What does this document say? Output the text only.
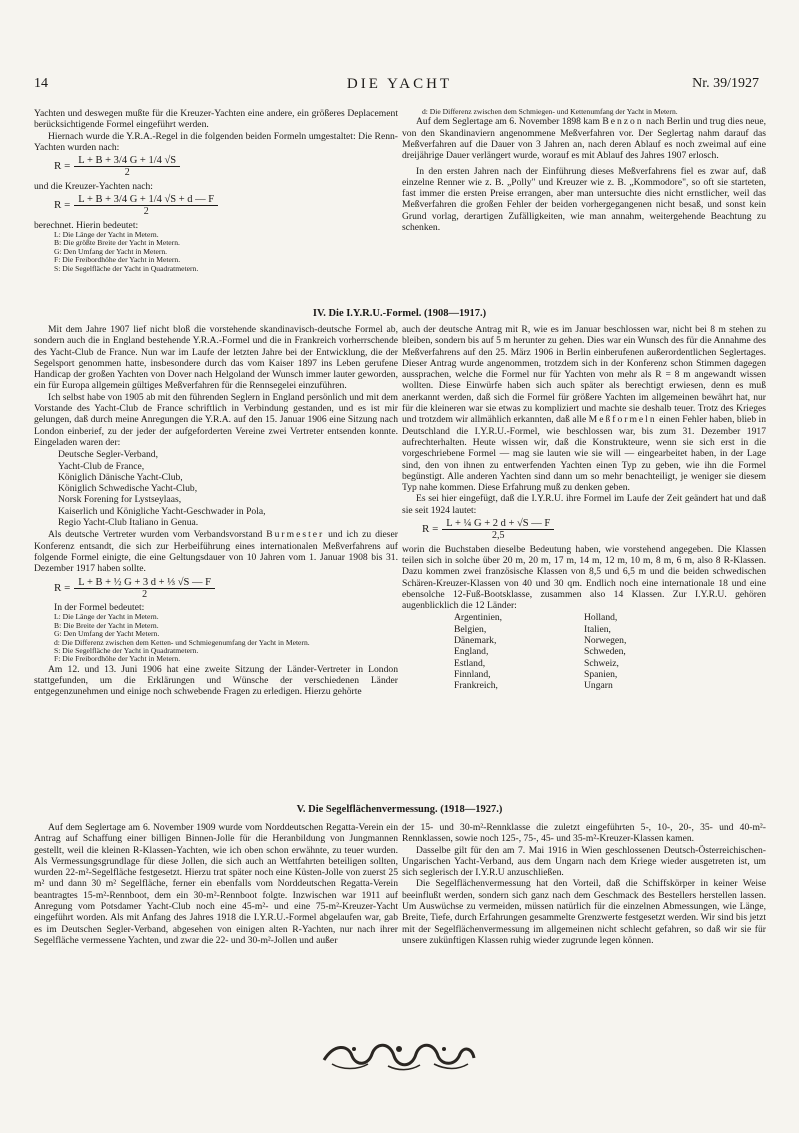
14	DIE YACHT	Nr. 39/1927

Yachten und deswegen mußte für die Kreuzer-Yachten eine andere, ein größeres Deplacement berücksichtigende Formel eingeführt werden.

Hiernach wurde die Y.R.A.-Regel in die folgenden beiden Formeln umgestaltet: Die Renn-Yachten wurden nach:

$R = \frac{L + B + 3/4 G + 1/4 √S}{2}$

und die Kreuzer-Yachten nach:

$R = \frac{L + B + 3/4 G + 1/4 √S + d — F}{2}$

berechnet. Hierin bedeutet:

L: Die Länge der Yacht in Metern.
B: Die größte Breite der Yacht in Metern.
G: Den Umfang der Yacht in Metern.
F: Die Freibordhöhe der Yacht in Metern.
S: Die Segelfläche der Yacht in Quadratmetern.
d: Die Differenz zwischen dem Schmiegen- und Kettenumfang der Yacht in Metern.

Auf dem Seglertage am 6. November 1898 kam Benzon nach Berlin und trug dies neue, von den Skandinaviern angenommene Meßverfahren vor. Der Seglertag nahm darauf das Meßverfahren auf die Dauer von 3 Jahren an, nach deren Ablauf es noch zweimal auf eine dreijährige Dauer verlängert wurde, worauf es mit Ablauf des Jahres 1907 erlosch.

In den ersten Jahren nach der Einführung dieses Meßverfahrens fiel es zwar auf, daß einzelne Renner wie z. B. „Polly" und Kreuzer wie z. B. „Kommodore", so oft sie starteten, fast immer die ersten Preise errangen, aber man untersuchte dies nicht ernstlicher, weil das Meßverfahren die großen Fehler der beiden vorhergegangenen nicht besaß, und sonst kein Grund vorlag, derartigen Zufälligkeiten, wie man annahm, weitergehende Beachtung zu schenken.

IV. Die I.Y.R.U.-Formel. (1908—1917.)

Mit dem Jahre 1907 lief nicht bloß die vorstehende skandinavisch-deutsche Formel ab, sondern auch die in England bestehende Y.R.A.-Formel und die in Frankreich vorherrschende des Yacht-Club de France. Nun war im Laufe der letzten Jahre bei der Entwicklung, die der Segelsport genommen hatte, insbesondere durch das vom Kaiser 1897 ins Leben gerufene Handicap der großen Yachten von Dover nach Helgoland der Wunsch immer lauter geworden, ein für Europa allgemein gültiges Meßverfahren für die Rennsegelei einzuführen.

Ich selbst habe von 1905 ab mit den führenden Seglern in England persönlich und mit dem Vorstande des Yacht-Club de France schriftlich in Verbindung gestanden, und es ist mir gelungen, daß durch meine Anregungen die Y.R.A. auf den 15. Januar 1906 eine Sitzung nach London einberief, zu der jeder der aufgeforderten Vereine zwei Vertreter entsenden konnte. Eingeladen waren der:

Deutsche Segler-Verband,
Yacht-Club de France,
Königlich Dänische Yacht-Club,
Königlich Schwedische Yacht-Club,
Norsk Forening for Lystseylaas,
Kaiserlich und Königliche Yacht-Geschwader in Pola,
Regio Yacht-Club Italiano in Genua.

Als deutsche Vertreter wurden vom Verbandsvorstand Burmester und ich zu dieser Konferenz entsandt, die sich zur Herbeiführung eines internationalen Meßverfahrens auf folgende Formel einigte, die eine Geltungsdauer von 10 Jahren vom 1. Januar 1908 bis 31. Dezember 1917 haben sollte.

$R = \frac{\text{L + B + ½ G + 3 d + ⅓ √S — F}}{2}$

In der Formel bedeutet:

L: Die Länge der Yacht in Metern.
B: Die Breite der Yacht in Metern.
G: Den Umfang der Yacht Metern.
d: Die Differenz zwischen dem Ketten- und Schmiegenumfang der Yacht in Metern.
S: Die Segelfläche der Yacht in Quadratmetern.
F: Die Freibordhöhe der Yacht in Metern.

Am 12. und 13. Juni 1906 hat eine zweite Sitzung der Länder-Vertreter in London stattgefunden, um die Erklärungen und Wünsche der verschiedenen Länder entgegenzunehmen und einige noch schwebende Fragen zu erledigen. Hierzu gehörte

auch der deutsche Antrag mit R, wie es im Januar beschlossen war, nicht bei 8 m stehen zu bleiben, sondern bis auf 5 m herunter zu gehen. Dies war ein Wunsch des für die Annahme des Meßverfahrens auf den 25. März 1906 in Berlin einberufenen außerordentlichen Seglertages. Dieser Antrag wurde angenommen, trotzdem sich in der Konferenz schon Stimmen dagegen aussprachen, welche die Formel nur für Yachten von mehr als R = 8 m angewandt wissen wollten. Diese Einwürfe haben sich auch später als berechtigt erwiesen, denn es muß anerkannt werden, daß sich die Formel für größere Yachten im allgemeinen bewährt hat, nur für die kleineren war sie etwas zu kompliziert und machte sie deshalb teuer. Trotz des Krieges und trotzdem wir allmählich erkannten, daß alle Meßformeln einen Fehler haben, blieb in Deutschland die I.Y.R.U.-Formel, wie beschlossen war, bis zum 31. Dezember 1917 aufrechterhalten. Heute wissen wir, daß die Konstrukteure, wenn sie sich erst in die vorgeschriebene Formel — mag sie lauten wie sie will — eingearbeitet haben, in der Lage sind, den von ihnen zu entwerfenden Yachten einen Typ zu geben, wie ihn die Formel begünstigt. Alle anderen Yachten sind dann um so mehr benachteiligt, je weniger sie diesem Typ nahe kommen. Diese Erfahrung muß zu denken geben.

Es sei hier eingefügt, daß die I.Y.R.U. ihre Formel im Laufe der Zeit geändert hat und daß sie seit 1924 lautet:

$R = \frac{\text{L + ¼ G + 2 d + √S — F}}{2,5}$

worin die Buchstaben dieselbe Bedeutung haben, wie vorstehend angegeben. Die Klassen teilen sich in solche über 20 m, 20 m, 17 m, 14 m, 12 m, 10 m, 8 m, 6 m, also 8 R-Klassen. Dazu kommen zwei französische Klassen von 8,5 und 6,5 m und die beiden schwedischen Schären-Kreuzer-Klassen von 40 und 30 qm. Endlich noch eine internationale 18 und eine ebensolche 12-Fuß-Bootsklasse, zusammen also 14 Klassen. Zur I.Y.R.U. gehören augenblicklich die 12 Länder:

Argentinien,	Holland,
Belgien,	Italien,
Dänemark,	Norwegen,
England,	Schweden,
Estland,	Schweiz,
Finnland,	Spanien,
Frankreich,	Ungarn
V. Die Segelflächenvermessung. (1918—1927.)

Auf dem Seglertage am 6. November 1909 wurde vom Norddeutschen Regatta-Verein ein Antrag auf Schaffung einer billigen Binnen-Jolle für die Heranbildung von Jungmannen gestellt, weil die kleinen R-Klassen-Yachten, wie ich oben schon erwähnte, zu teuer wurden. Als Vermessungsgrundlage für diese Jollen, die sich auch an Wettfahrten beteiligen sollten, wurden 22-m²-Segelfläche festgesetzt. Hierzu trat später noch eine Küsten-Jolle von zuerst 25 m² und dann 30 m² Segelfläche, ferner ein ebenfalls vom Norddeutschen Regatta-Verein beantragtes 15-m²-Rennboot, dem ein 30-m²-Rennboot folgte. Inzwischen war 1911 auf Anregung vom Potsdamer Yacht-Club noch eine 45-m²- und eine 75-m²-Kreuzer-Yacht eingeführt worden. Als mit Anfang des Jahres 1918 die I.Y.R.U.-Formel abgelaufen war, gab es im Deutschen Segler-Verband, abgesehen von einigen alten R-Yachten, nur nach ihrer Segelfläche vermessene Yachten, und zwar die 22- und 30-m²-Jollen und außer

der 15- und 30-m²-Rennklasse die zuletzt eingeführten 5-, 10-, 20-, 35- und 40-m²-Rennklassen, sowie noch 125-, 75-, 45- und 35-m²-Kreuzer-Klassen kamen.

Dasselbe gilt für den am 7. Mai 1916 in Wien geschlossenen Deutsch-Österreichischen-Ungarischen Yacht-Verband, aus dem Ungarn nach dem Kriege wieder ausgetreten ist, um sich seglerisch der I.Y.R.U anzuschließen.

Die Segelflächenvermessung hat den Vorteil, daß die Schiffskörper in keiner Weise beeinflußt werden, sondern sich ganz nach dem Geschmack des Bestellers herstellen lassen. Um Auswüchse zu vermeiden, müssen natürlich für die einzelnen Abmessungen, wie Länge, Breite, Tiefe, durch Erfahrungen gesammelte Grenzwerte festgesetzt werden. Wir sind bis jetzt mit der Segelflächenvermessung im allgemeinen nicht schlecht gefahren, so daß wir sie für unsere zukünftigen Klassen ruhig wieder zugrunde legen können.
